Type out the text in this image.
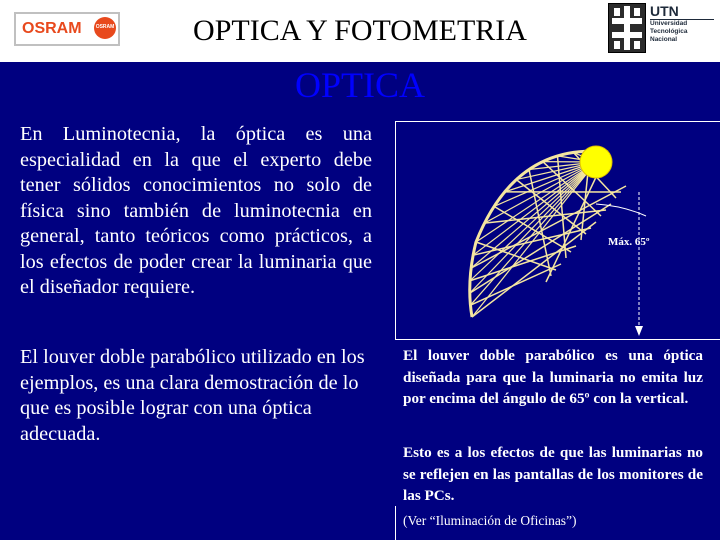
OSRAM	OSRAM	OPTICA Y FOTOMETRIA
UTN
Universidad
Tecnológica
Nacional
OPTICA

En Luminotecnia, la óptica es una especialidad en la que el experto debe tener sólidos conocimientos no solo de física sino también de luminotecnia en general, tanto teóricos como prácticos, a los efectos de poder crear la luminaria que el diseñador requiere.

El louver doble parabólico utilizado en los ejemplos, es una clara demostración de lo que es posible lograr con una óptica adecuada.

Máx. 65º

El louver doble parabólico es una óptica diseñada para que la luminaria no emita luz por encima del ángulo de 65º con la vertical.

Esto es a los efectos de que las luminarias no se reflejen en las pantallas de los monitores de las PCs.

(Ver “Iluminación de Oficinas”)
